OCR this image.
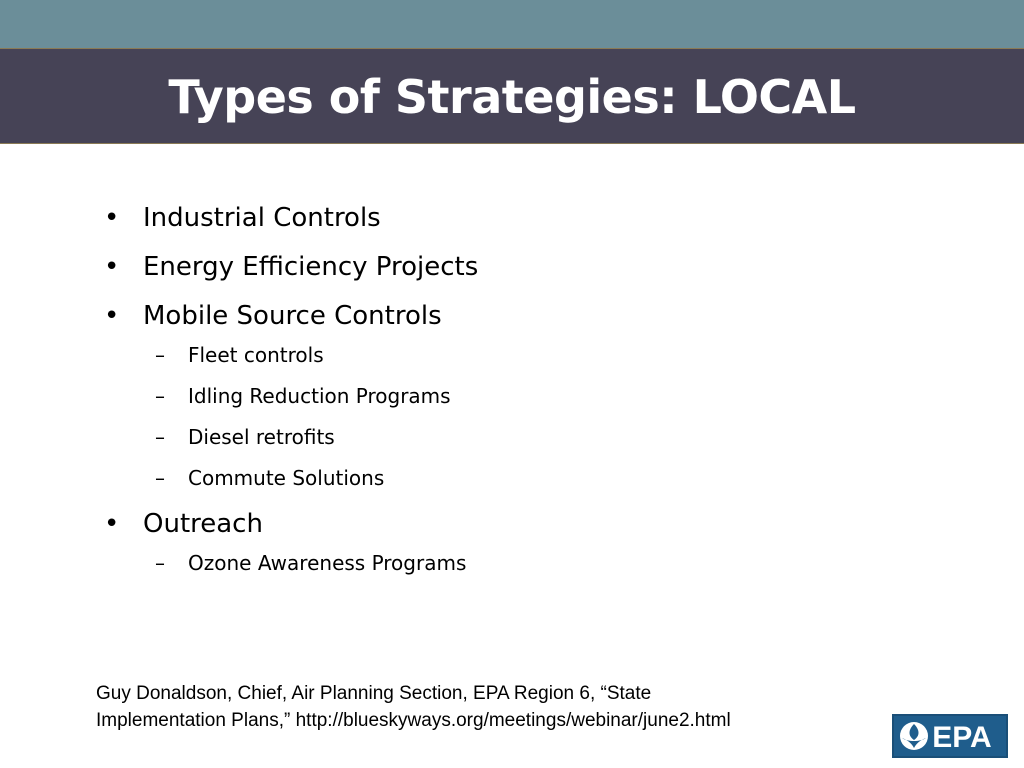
Types of Strategies: LOCAL
• Industrial Controls
• Energy Efficiency Projects
• Mobile Source Controls
– Fleet controls
– Idling Reduction Programs
– Diesel retrofits
– Commute Solutions
• Outreach
– Ozone Awareness Programs

Guy Donaldson, Chief, Air Planning Section, EPA Region 6, “State
Implementation Plans,” http://blueskyways.org/meetings/webinar/june2.html

EPA
